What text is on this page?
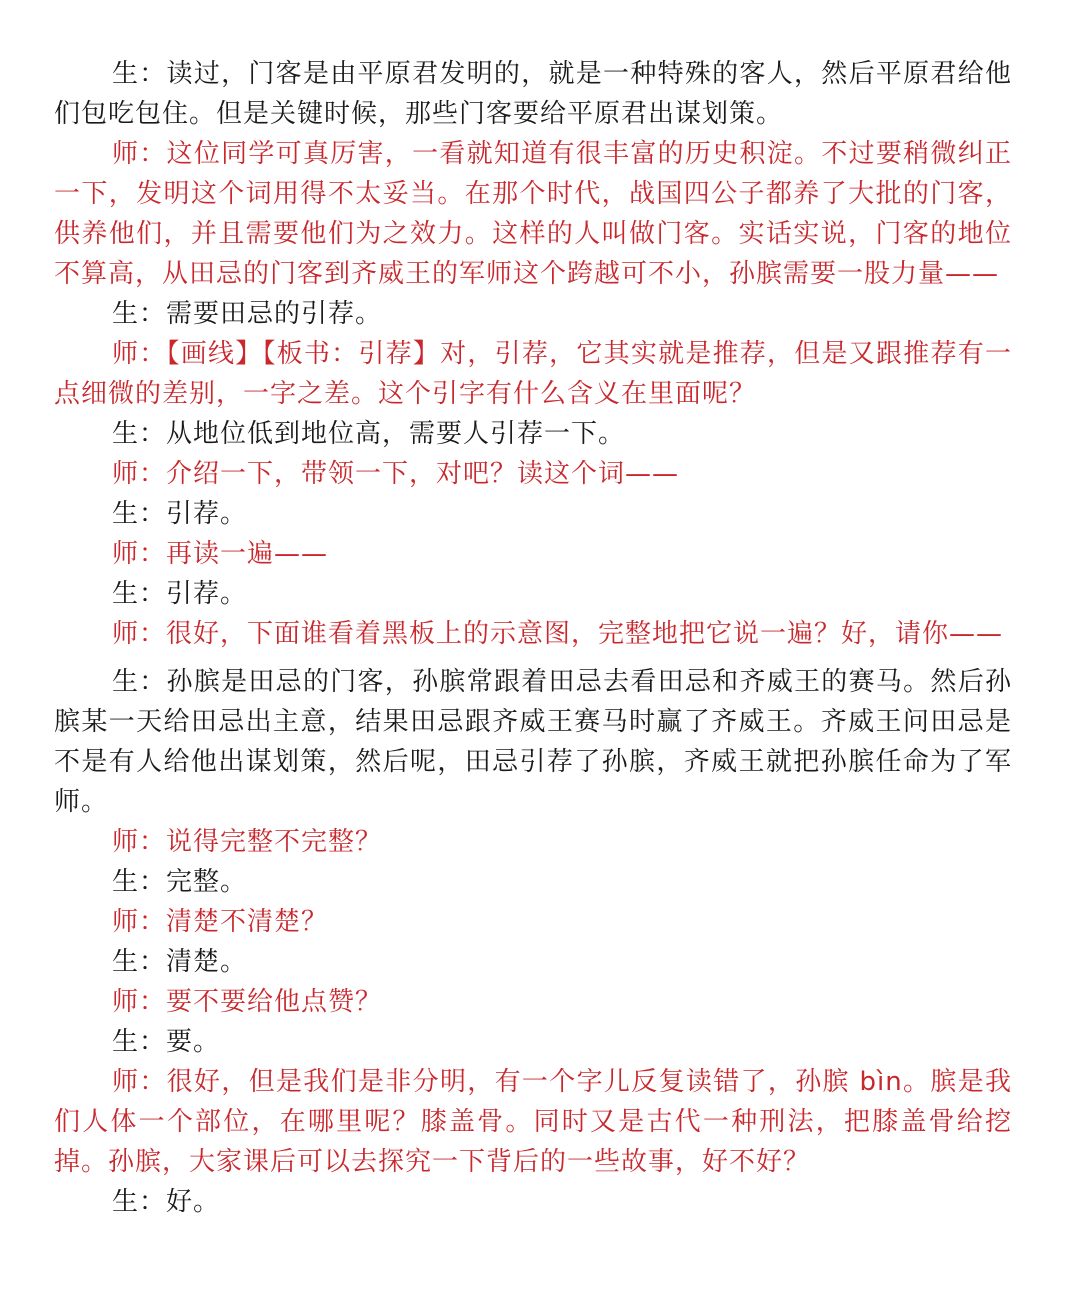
生：读过，门客是由平原君发明的，就是一种特殊的客人，然后平原君给他们包吃包住。但是关键时候，那些门客要给平原君出谋划策。

师：这位同学可真厉害，一看就知道有很丰富的历史积淀。不过要稍微纠正一下，发明这个词用得不太妥当。在那个时代，战国四公子都养了大批的门客，供养他们，并且需要他们为之效力。这样的人叫做门客。实话实说，门客的地位不算高，从田忌的门客到齐威王的军师这个跨越可不小，孙膑需要一股力量——

生：需要田忌的引荐。

师：【画线】【板书：引荐】对，引荐，它其实就是推荐，但是又跟推荐有一点细微的差别，一字之差。这个引字有什么含义在里面呢？

生：从地位低到地位高，需要人引荐一下。

师：介绍一下，带领一下，对吧？读这个词——

生：引荐。

师：再读一遍——

生：引荐。

师：很好，下面谁看着黑板上的示意图，完整地把它说一遍？好，请你——

生：孙膑是田忌的门客，孙膑常跟着田忌去看田忌和齐威王的赛马。然后孙膑某一天给田忌出主意，结果田忌跟齐威王赛马时赢了齐威王。齐威王问田忌是不是有人给他出谋划策，然后呢，田忌引荐了孙膑，齐威王就把孙膑任命为了军师。

师：说得完整不完整？

生：完整。

师：清楚不清楚？

生：清楚。

师：要不要给他点赞？

生：要。

师：很好，但是我们是非分明，有一个字儿反复读错了，孙膑 bìn。膑是我们人体一个部位，在哪里呢？膝盖骨。同时又是古代一种刑法，把膝盖骨给挖掉。孙膑，大家课后可以去探究一下背后的一些故事，好不好？

生：好。
